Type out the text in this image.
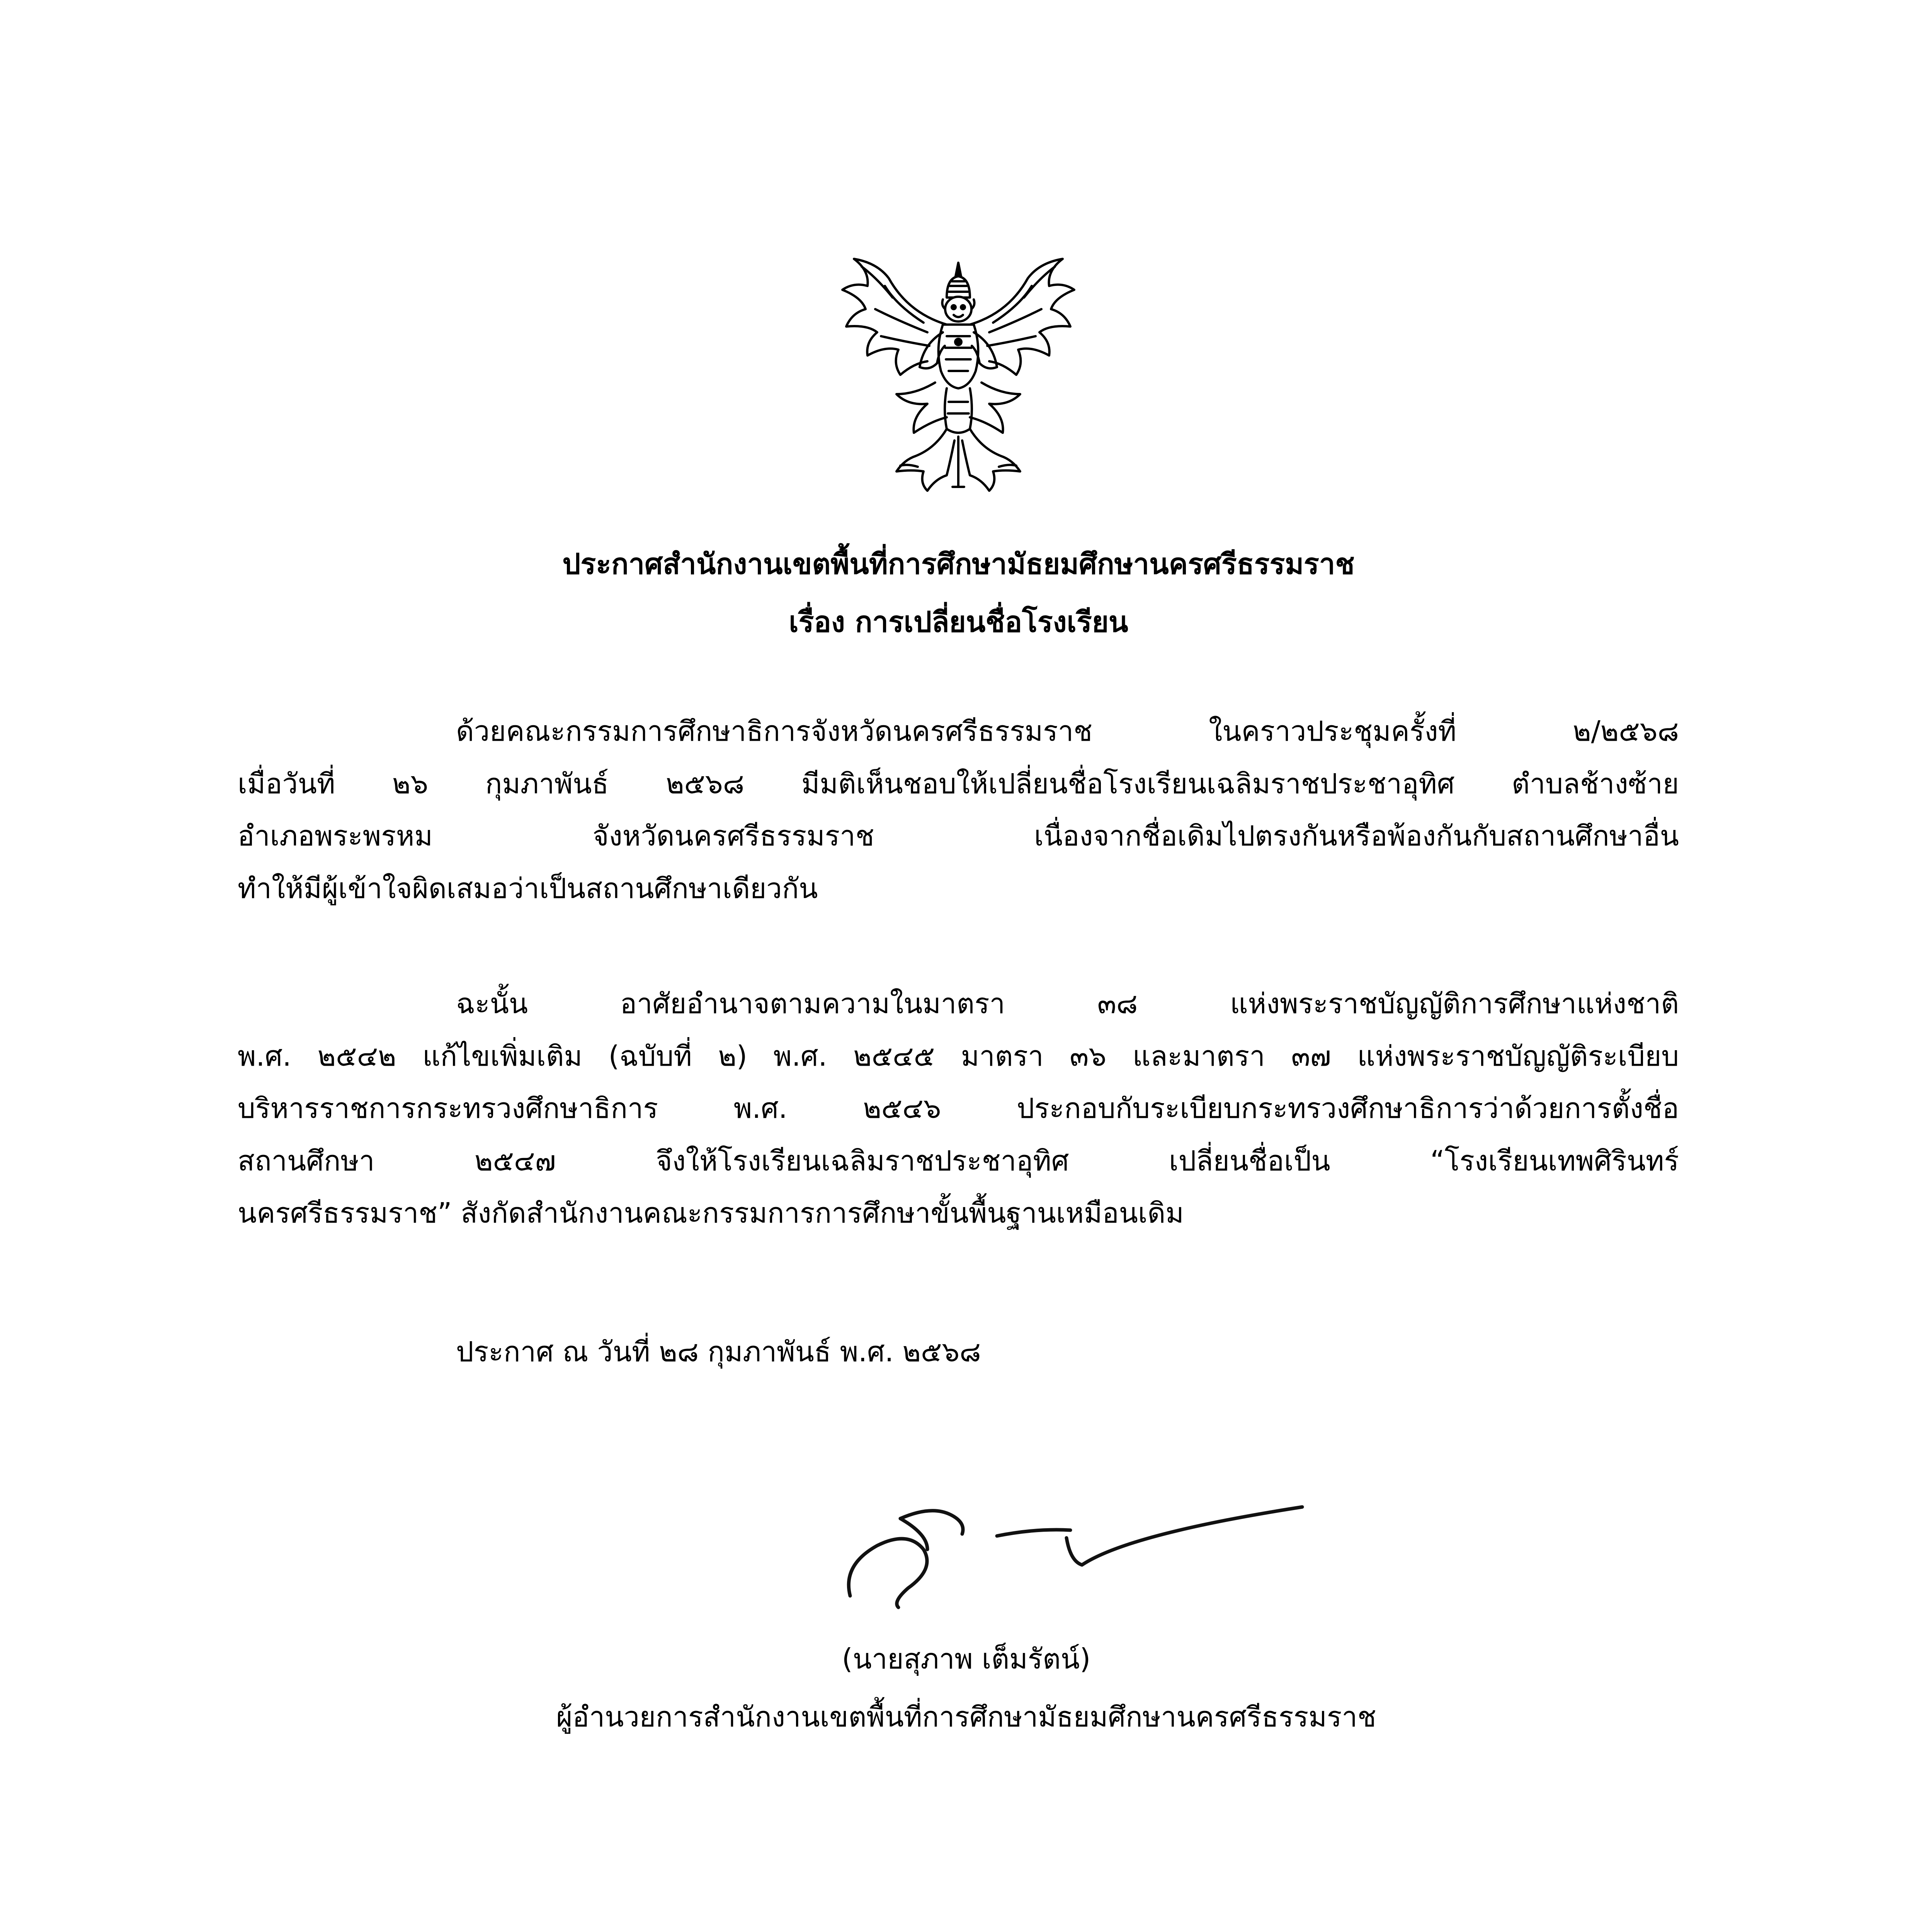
ประกาศสำนักงานเขตพื้นที่การศึกษามัธยมศึกษานครศรีธรรมราช
เรื่อง การเปลี่ยนชื่อโรงเรียน
ด้วยคณะกรรมการศึกษาธิการจังหวัดนครศรีธรรมราช ในคราวประชุมครั้งที่ ๒/๒๕๖๘
เมื่อวันที่ ๒๖ กุมภาพันธ์ ๒๕๖๘ มีมติเห็นชอบให้เปลี่ยนชื่อโรงเรียนเฉลิมราชประชาอุทิศ ตำบลช้างซ้าย
อำเภอพระพรหม จังหวัดนครศรีธรรมราช เนื่องจากชื่อเดิมไปตรงกันหรือพ้องกันกับสถานศึกษาอื่น
ทำให้มีผู้เข้าใจผิดเสมอว่าเป็นสถานศึกษาเดียวกัน
ฉะนั้น อาศัยอำนาจตามความในมาตรา ๓๘ แห่งพระราชบัญญัติการศึกษาแห่งชาติ
พ.ศ. ๒๕๔๒ แก้ไขเพิ่มเติม (ฉบับที่ ๒) พ.ศ. ๒๕๔๕ มาตรา ๓๖ และมาตรา ๓๗ แห่งพระราชบัญญัติระเบียบ
บริหารราชการกระทรวงศึกษาธิการ พ.ศ. ๒๕๔๖ ประกอบกับระเบียบกระทรวงศึกษาธิการว่าด้วยการตั้งชื่อ
สถานศึกษา ๒๕๔๗ จึงให้โรงเรียนเฉลิมราชประชาอุทิศ เปลี่ยนชื่อเป็น “โรงเรียนเทพศิรินทร์
นครศรีธรรมราช” สังกัดสำนักงานคณะกรรมการการศึกษาขั้นพื้นฐานเหมือนเดิม
ประกาศ ณ วันที่ ๒๘ กุมภาพันธ์ พ.ศ. ๒๕๖๘
(นายสุภาพ เต็มรัตน์)
ผู้อำนวยการสำนักงานเขตพื้นที่การศึกษามัธยมศึกษานครศรีธรรมราช
